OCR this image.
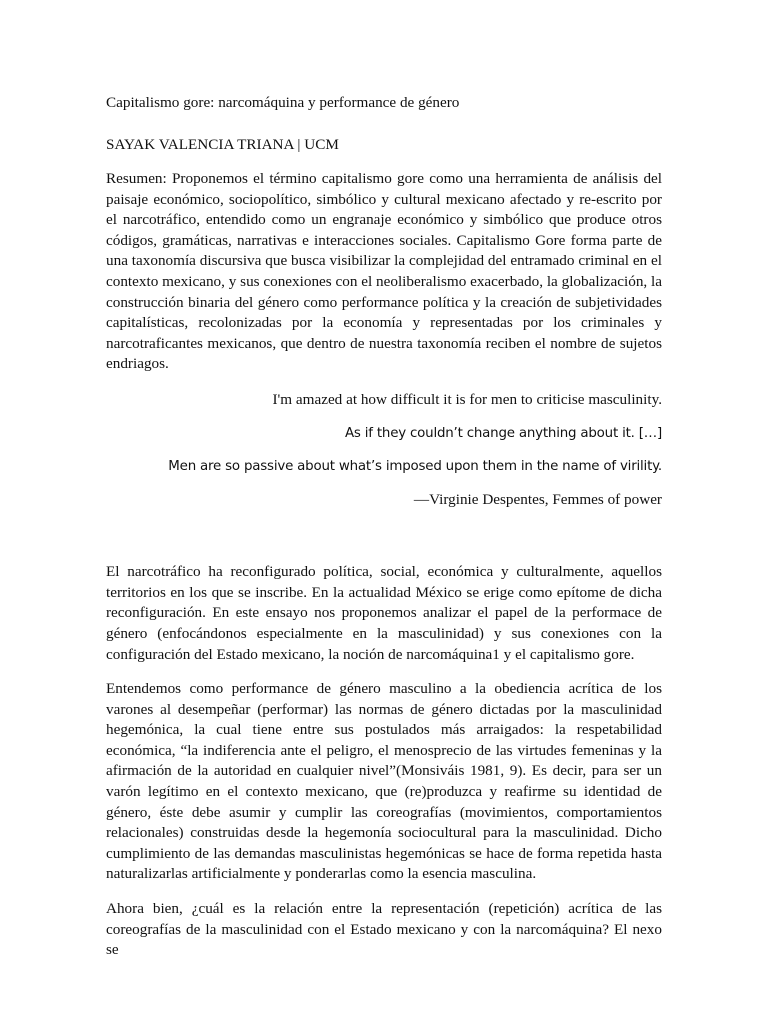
Capitalismo gore: narcomáquina y performance de género

SAYAK VALENCIA TRIANA | UCM

Resumen: Proponemos el término capitalismo gore como una herramienta de análisis del paisaje económico, sociopolítico, simbólico y cultural mexicano afectado y re-escrito por el narcotráfico, entendido como un engranaje económico y simbólico que produce otros códigos, gramáticas, narrativas e interacciones sociales. Capitalismo Gore forma parte de una taxonomía discursiva que busca visibilizar la complejidad del entramado criminal en el contexto mexicano, y sus conexiones con el neoliberalismo exacerbado, la globalización, la construcción binaria del género como performance política y la creación de subjetividades capitalísticas, recolonizadas por la economía y representadas por los criminales y narcotraficantes mexicanos, que dentro de nuestra taxonomía reciben el nombre de sujetos endriagos.

I'm amazed at how difficult it is for men to criticise masculinity.

As if they couldn’t change anything about it. […]

Men are so passive about what’s imposed upon them in the name of virility.

—Virginie Despentes, Femmes of power

El narcotráfico ha reconfigurado política, social, económica y culturalmente, aquellos territorios en los que se inscribe. En la actualidad México se erige como epítome de dicha reconfiguración. En este ensayo nos proponemos analizar el papel de la performace de género (enfocándonos especialmente en la masculinidad) y sus conexiones con la configuración del Estado mexicano, la noción de narcomáquina1 y el capitalismo gore.

Entendemos como performance de género masculino a la obediencia acrítica de los varones al desempeñar (performar) las normas de género dictadas por la masculinidad hegemónica, la cual tiene entre sus postulados más arraigados: la respetabilidad económica, “la indiferencia ante el peligro, el menosprecio de las virtudes femeninas y la afirmación de la autoridad en cualquier nivel”(Monsiváis 1981, 9). Es decir, para ser un varón legítimo en el contexto mexicano, que (re)produzca y reafirme su identidad de género, éste debe asumir y cumplir las coreografías (movimientos, comportamientos relacionales) construidas desde la hegemonía sociocultural para la masculinidad. Dicho cumplimiento de las demandas masculinistas hegemónicas se hace de forma repetida hasta naturalizarlas artificialmente y ponderarlas como la esencia masculina.

Ahora bien, ¿cuál es la relación entre la representación (repetición) acrítica de las coreografías de la masculinidad con el Estado mexicano y con la narcomáquina? El nexo se
